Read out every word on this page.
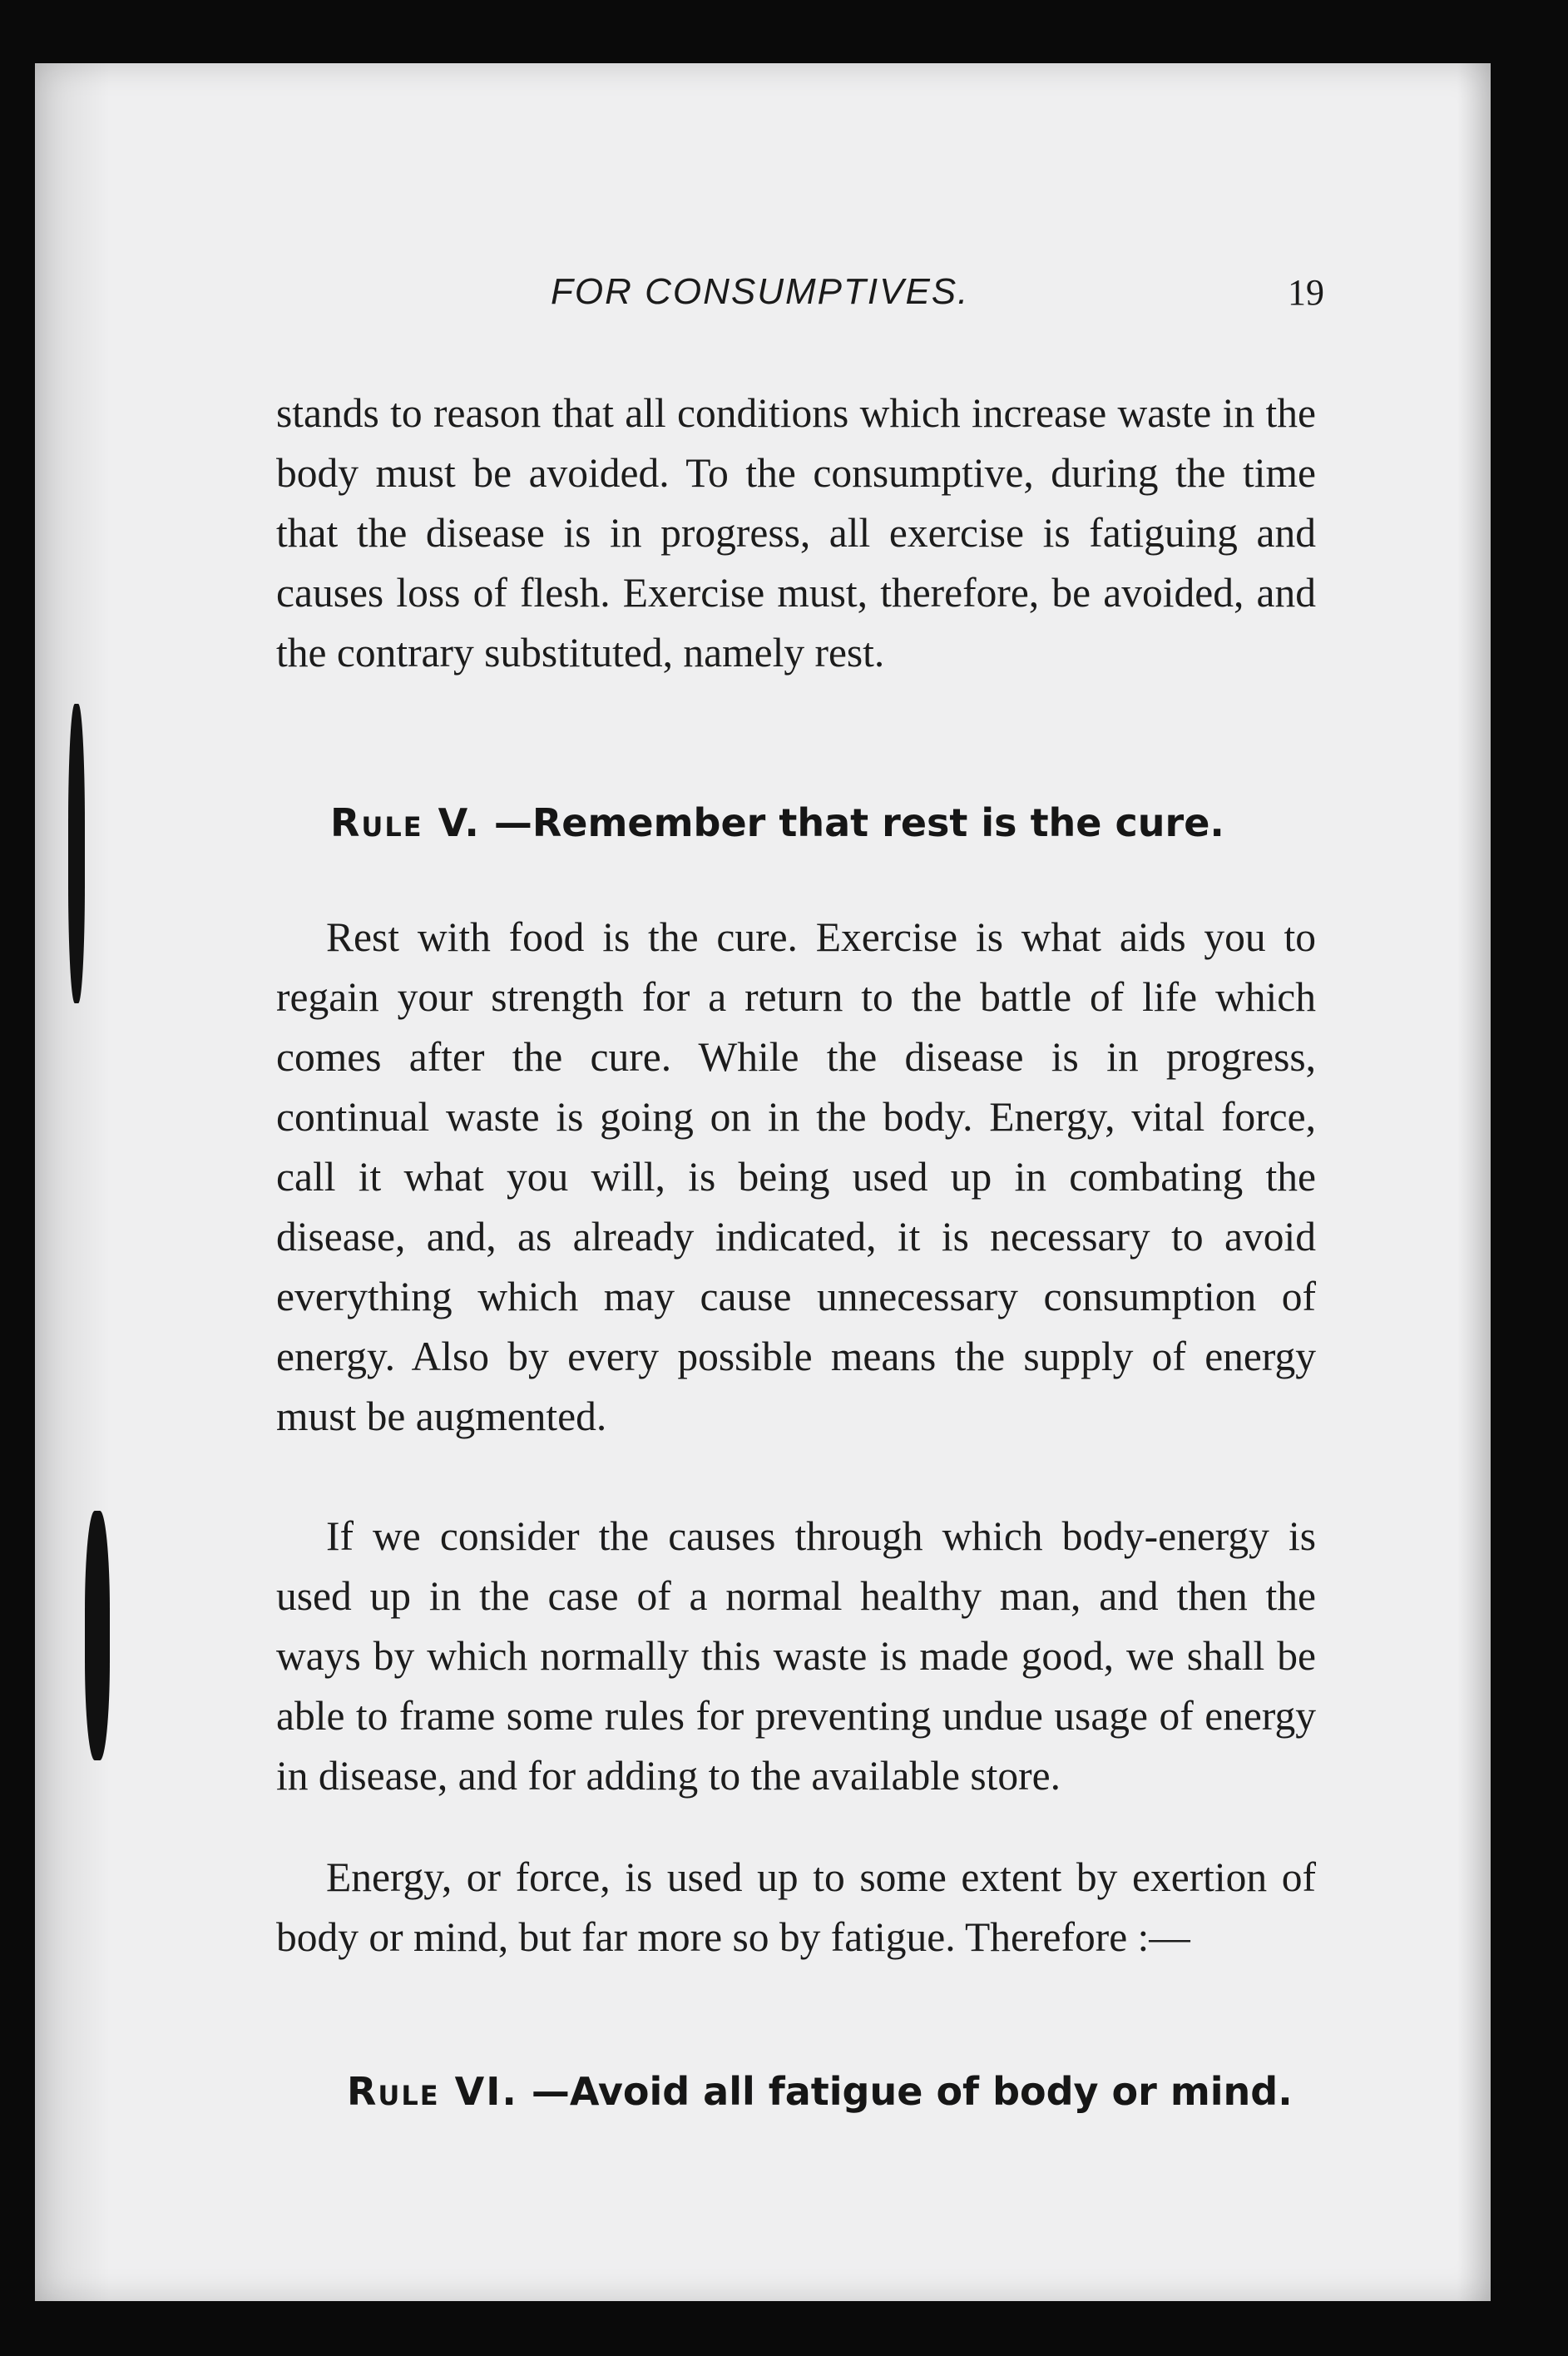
FOR CONSUMPTIVES.	19

stands to reason that all conditions which increase waste in the body must be avoided. To the consumptive, during the time that the disease is in progress, all exercise is fatiguing and causes loss of flesh. Exercise must, therefore, be avoided, and the contrary substituted, namely rest.

Rule V. —Remember that rest is the cure.

Rest with food is the cure. Exercise is what aids you to regain your strength for a return to the battle of life which comes after the cure. While the disease is in progress, continual waste is going on in the body. Energy, vital force, call it what you will, is being used up in combating the disease, and, as already indicated, it is necessary to avoid everything which may cause unnecessary consumption of energy. Also by every possible means the supply of energy must be augmented.

If we consider the causes through which body-energy is used up in the case of a normal healthy man, and then the ways by which normally this waste is made good, we shall be able to frame some rules for preventing undue usage of energy in disease, and for adding to the available store.

Energy, or force, is used up to some extent by exertion of body or mind, but far more so by fatigue. Therefore :—

Rule VI. —Avoid all fatigue of body or mind.
